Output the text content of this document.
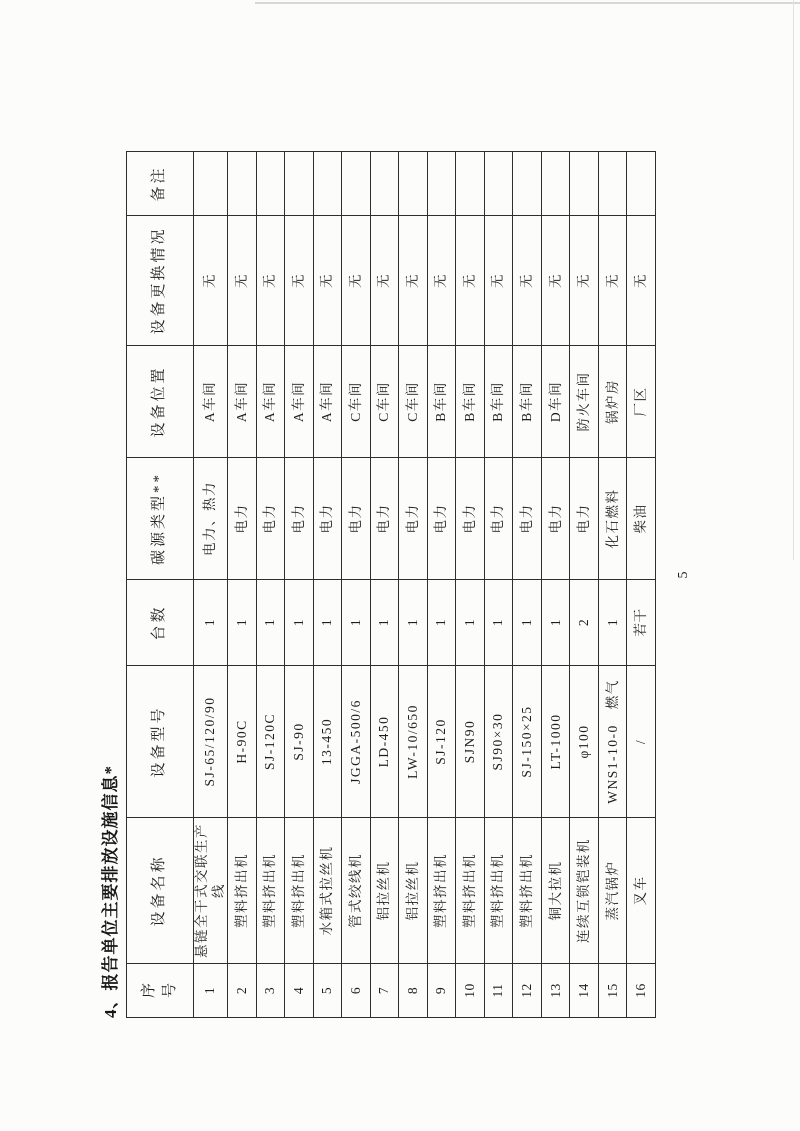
4、报告单位主要排放设施信息* 序号	设备名称	设备型号	台数	碳源类型**	设备位置	设备更换情况	备注
1	悬链全干式交联生产线	SJ-65/120/90	1	电力、热力	A车间	无	
2	塑料挤出机	H-90C	1	电力	A车间	无	
3	塑料挤出机	SJ-120C	1	电力	A车间	无	
4	塑料挤出机	SJ-90	1	电力	A车间	无	
5	水箱式拉丝机	13-450	1	电力	A车间	无	
6	管式绞线机	JGGA-500/6	1	电力	C车间	无	
7	铝拉丝机	LD-450	1	电力	C车间	无	
8	铝拉丝机	LW-10/650	1	电力	C车间	无	
9	塑料挤出机	SJ-120	1	电力	B车间	无	
10	塑料挤出机	SJN90	1	电力	B车间	无	
11	塑料挤出机	SJ90×30	1	电力	B车间	无	
12	塑料挤出机	SJ-150×25	1	电力	B车间	无	
13	铜大拉机	LT-1000	1	电力	D车间	无	
14	连续互锁铠装机	φ100	2	电力	防火车间	无	
15	蒸汽锅炉	WNS1-10-0　燃气	1	化石燃料	锅炉房	无	
16	叉车	/	若干	柴油	厂区	无	
5
